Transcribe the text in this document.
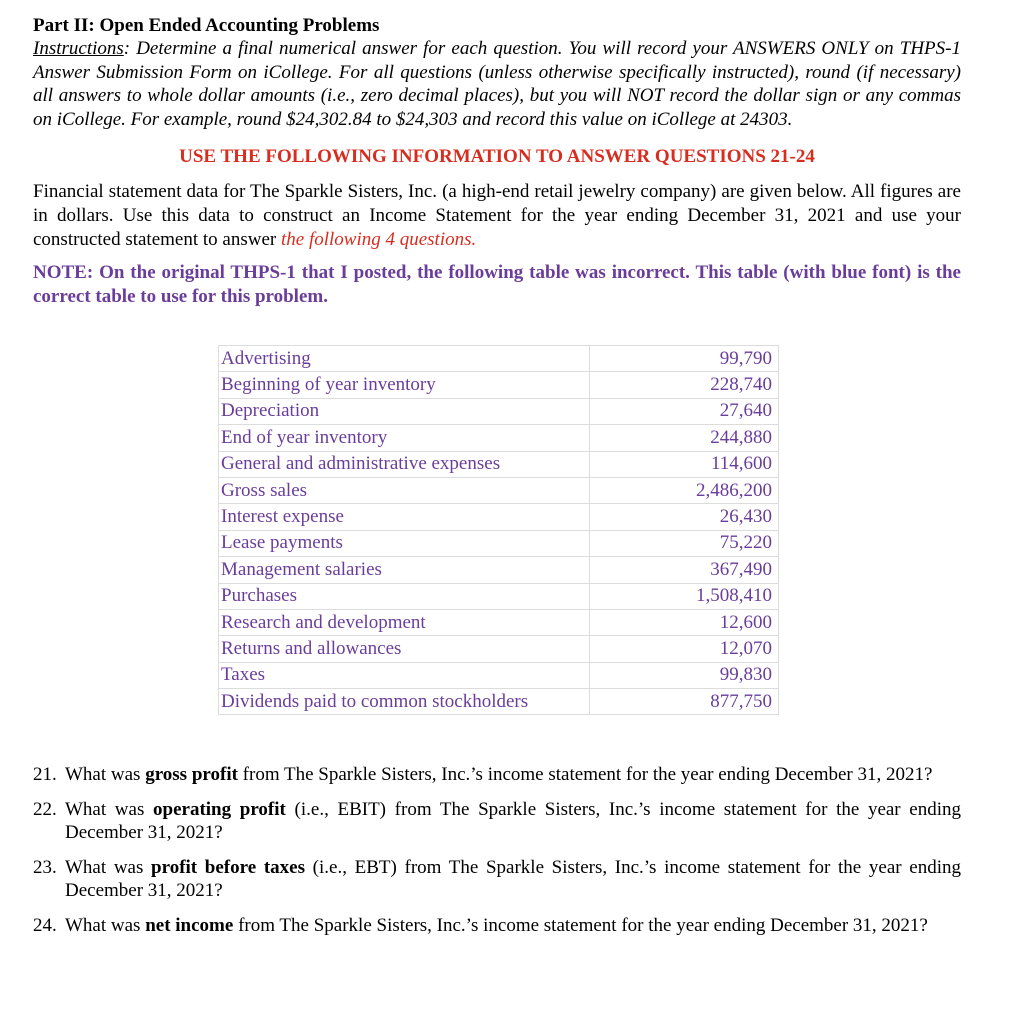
Part II: Open Ended Accounting Problems

Instructions: Determine a final numerical answer for each question. You will record your ANSWERS ONLY on THPS-1 Answer Submission Form on iCollege. For all questions (unless otherwise specifically instructed), round (if necessary) all answers to whole dollar amounts (i.e., zero decimal places), but you will NOT record the dollar sign or any commas on iCollege. For example, round $24,302.84 to $24,303 and record this value on iCollege at 24303.

USE THE FOLLOWING INFORMATION TO ANSWER QUESTIONS 21-24

Financial statement data for The Sparkle Sisters, Inc. (a high-end retail jewelry company) are given below. All figures are in dollars. Use this data to construct an Income Statement for the year ending December 31, 2021 and use your constructed statement to answer the following 4 questions.

NOTE: On the original THPS-1 that I posted, the following table was incorrect. This table (with blue font) is the correct table to use for this problem.

Advertising	99,790
Beginning of year inventory	228,740
Depreciation	27,640
End of year inventory	244,880
General and administrative expenses	114,600
Gross sales	2,486,200
Interest expense	26,430
Lease payments	75,220
Management salaries	367,490
Purchases	1,508,410
Research and development	12,600
Returns and allowances	12,070
Taxes	99,830
Dividends paid to common stockholders	877,750
21. What was gross profit from The Sparkle Sisters, Inc.’s income statement for the year ending December 31, 2021?
22. What was operating profit (i.e., EBIT) from The Sparkle Sisters, Inc.’s income statement for the year ending December 31, 2021?
23. What was profit before taxes (i.e., EBT) from The Sparkle Sisters, Inc.’s income statement for the year ending December 31, 2021?
24. What was net income from The Sparkle Sisters, Inc.’s income statement for the year ending December 31, 2021?
